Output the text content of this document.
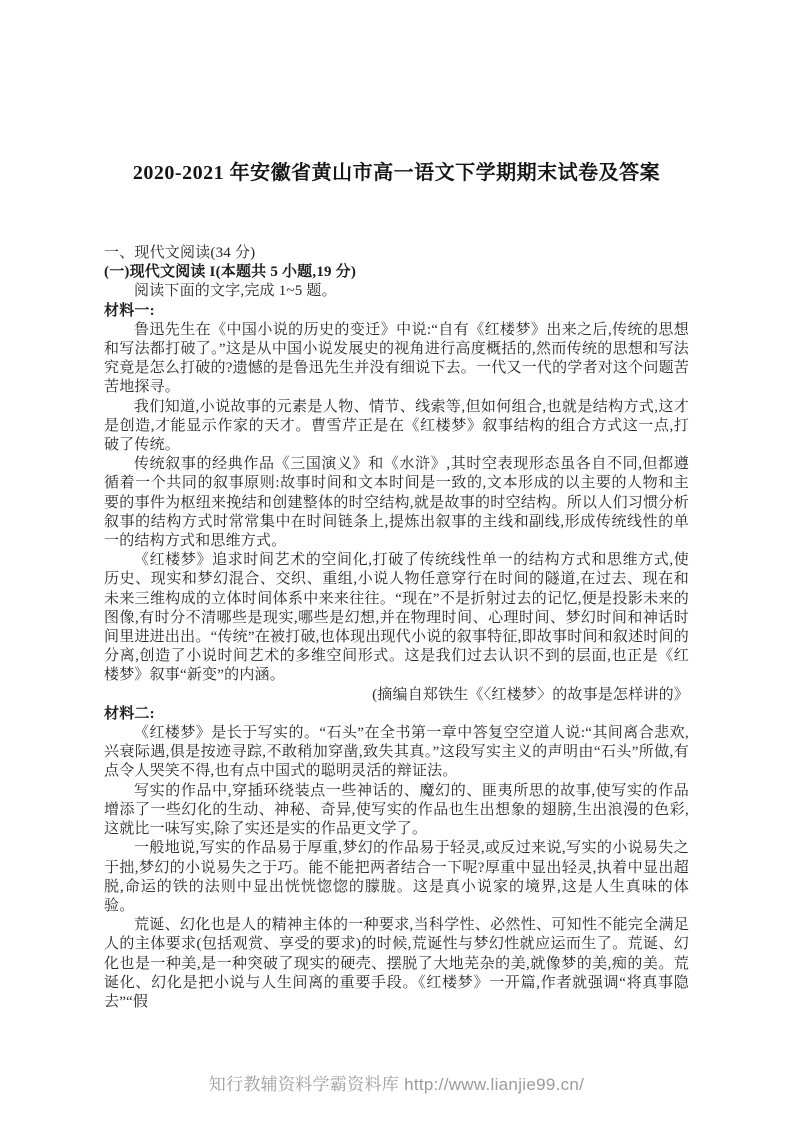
2020-2021 年安徽省黄山市高一语文下学期期末试卷及答案

一、现代文阅读(34 分)

(一)现代文阅读 I(本题共 5 小题,19 分)

阅读下面的文字,完成 1~5 题。

材料一:

鲁迅先生在《中国小说的历史的变迁》中说:“自有《红楼梦》出来之后,传统的思想和写法都打破了。”这是从中国小说发展史的视角进行高度概括的,然而传统的思想和写法究竟是怎么打破的?遗憾的是鲁迅先生并没有细说下去。一代又一代的学者对这个问题苦苦地探寻。

我们知道,小说故事的元素是人物、情节、线索等,但如何组合,也就是结构方式,这才是创造,才能显示作家的天才。曹雪芹正是在《红楼梦》叙事结构的组合方式这一点,打破了传统。

传统叙事的经典作品《三国演义》和《水浒》,其时空表现形态虽各自不同,但都遵循着一个共同的叙事原则:故事时间和文本时间是一致的,文本形成的以主要的人物和主要的事件为枢纽来挽结和创建整体的时空结构,就是故事的时空结构。所以人们习惯分析叙事的结构方式时常常集中在时间链条上,提炼出叙事的主线和副线,形成传统线性的单一的结构方式和思维方式。

《红楼梦》追求时间艺术的空间化,打破了传统线性单一的结构方式和思维方式,使历史、现实和梦幻混合、交织、重组,小说人物任意穿行在时间的隧道,在过去、现在和未来三维构成的立体时间体系中来来往往。“现在”不是折射过去的记忆,便是投影未来的图像,有时分不清哪些是现实,哪些是幻想,并在物理时间、心理时间、梦幻时间和神话时间里进进出出。“传统”在被打破,也体现出现代小说的叙事特征,即故事时间和叙述时间的分离,创造了小说时间艺术的多维空间形式。这是我们过去认识不到的层面,也正是《红楼梦》叙事“新变”的内涵。

(摘编自郑铁生《〈红楼梦〉的故事是怎样讲的》

材料二:

《红楼梦》是长于写实的。“石头”在全书第一章中答复空空道人说:“其间离合悲欢,兴衰际遇,俱是按迹寻踪,不敢稍加穿凿,致失其真。”这段写实主义的声明由“石头”所做,有点令人哭笑不得,也有点中国式的聪明灵活的辩证法。

写实的作品中,穿插环绕装点一些神话的、魔幻的、匪夷所思的故事,使写实的作品增添了一些幻化的生动、神秘、奇异,使写实的作品也生出想象的翅膀,生出浪漫的色彩,这就比一味写实,除了实还是实的作品更文学了。

一般地说,写实的作品易于厚重,梦幻的作品易于轻灵,或反过来说,写实的小说易失之于拙,梦幻的小说易失之于巧。能不能把两者结合一下呢?厚重中显出轻灵,执着中显出超脱,命运的铁的法则中显出恍恍惚惚的朦胧。这是真小说家的境界,这是人生真味的体验。

荒诞、幻化也是人的精神主体的一种要求,当科学性、必然性、可知性不能完全满足人的主体要求(包括观赏、享受的要求)的时候,荒诞性与梦幻性就应运而生了。荒诞、幻化也是一种美,是一种突破了现实的硬壳、摆脱了大地芜杂的美,就像梦的美,痴的美。荒诞化、幻化是把小说与人生间离的重要手段。《红楼梦》一开篇,作者就强调“将真事隐去”“假

知行教辅资料学霸资料库 http://www.lianjie99.cn/
